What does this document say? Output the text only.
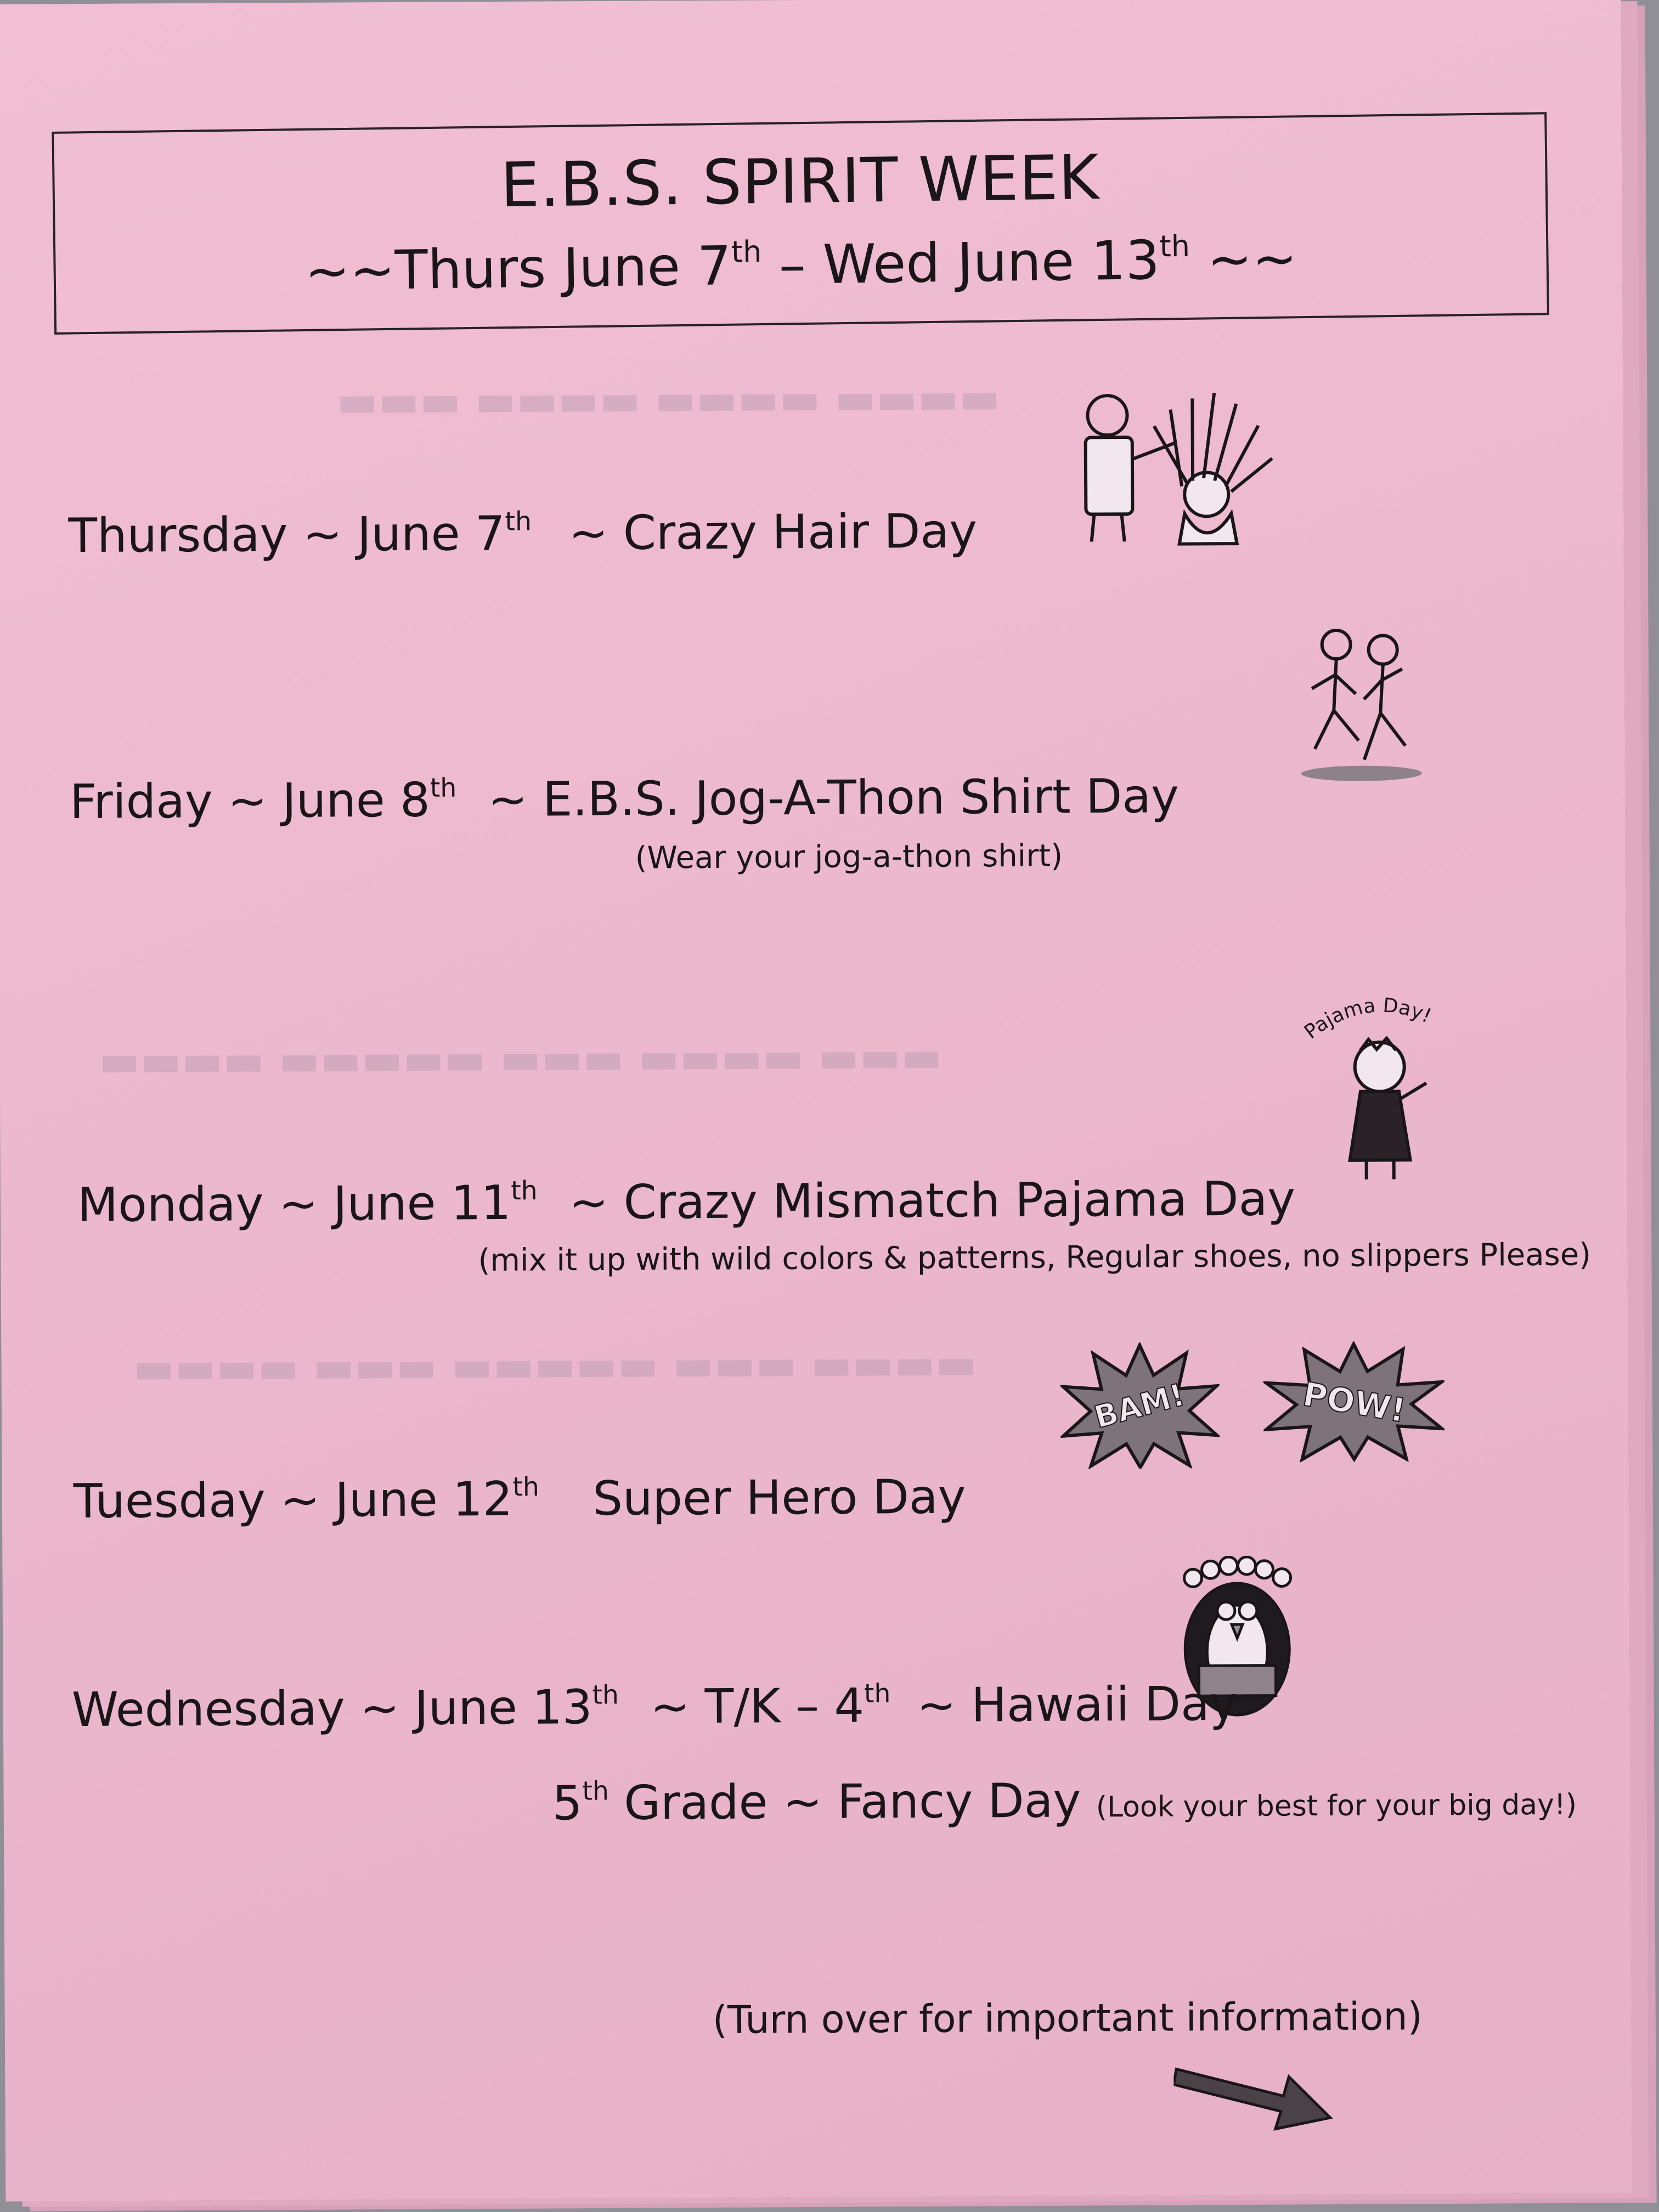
▬▬▬▬ ▬▬▬▬ ▬▬▬▬ ▬▬▬
▬▬▬ ▬▬▬▬ ▬▬▬ ▬▬▬▬▬ ▬▬▬▬
▬▬▬▬ ▬▬▬ ▬▬▬▬▬ ▬▬▬ ▬▬▬▬
E.B.S. SPIRIT WEEK
~~Thurs June 7th – Wed June 13th ~~
Thursday ~ June 7th ~ Crazy Hair Day
Friday ~ June 8th ~ E.B.S. Jog-A-Thon Shirt Day
(Wear your jog-a-thon shirt)
Pajama Day!
Monday ~ June 11th ~ Crazy Mismatch Pajama Day
(mix it up with wild colors & patterns, Regular shoes, no slippers Please)
BAM!	POW!
Tuesday ~ June 12th Super Hero Day
Wednesday ~ June 13th ~ T/K – 4th ~ Hawaii Day
5th Grade ~ Fancy Day (Look your best for your big day!)
(Turn over for important information)
